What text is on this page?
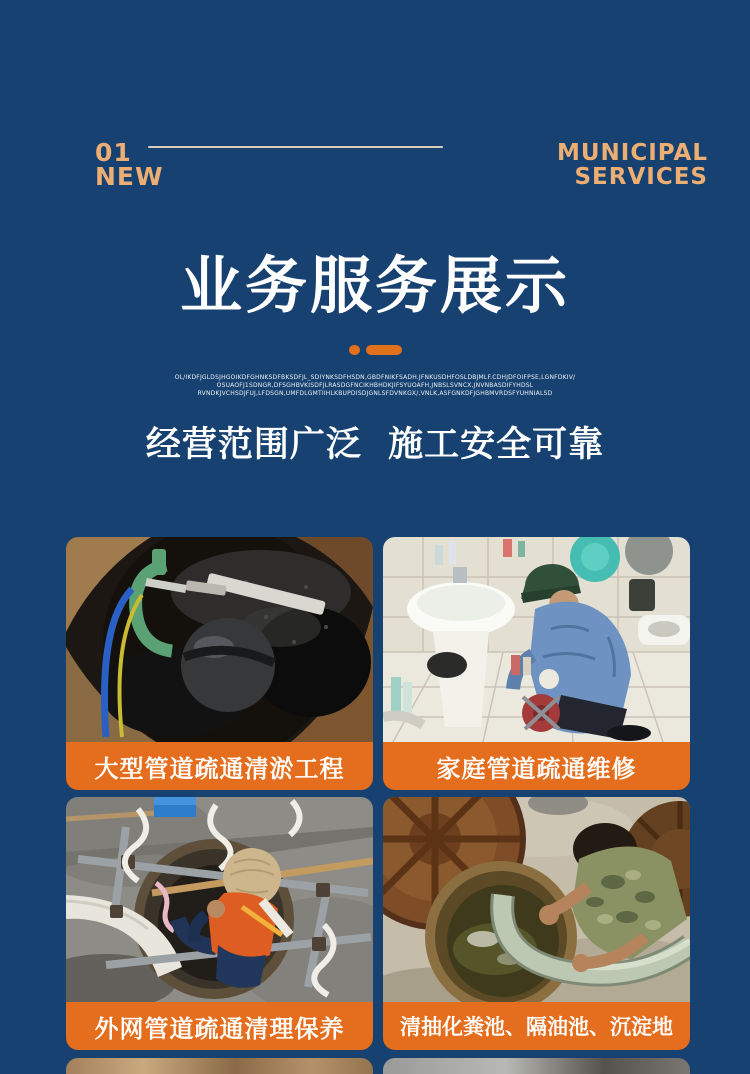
01
NEW
MUNICIPAL
SERVICES
业务服务展示
OL/IKDFJGLDSJHGOIKDFGHNKSDFBKSDFJL_SDIYNKSDFHSDN,GBDFNIKFSADH.JFNKUSDHFOSLDBJMLF.CDHJDFOIFPSE,LGNFDKIV/
OSUAOFJ1SDNGR,DFSGHBVKISDFJLRASDGFNCIKHBHDKJIFSYUOAFH,JNBSLSVNCX,JNVNBASDIFYHDSL
RVNDKJVCHSDJFUJ,LFDSGN,UMFDLGMTIIHLKBUPDISDJGNLSFDVNKGX/,VNLK,ASFGNKDFJGHBMVRDSFYUHNIALSD
经营范围广泛  施工安全可靠
大型管道疏通清淤工程	家庭管道疏通维修
外网管道疏通清理保养	清抽化粪池、隔油池、沉淀地
